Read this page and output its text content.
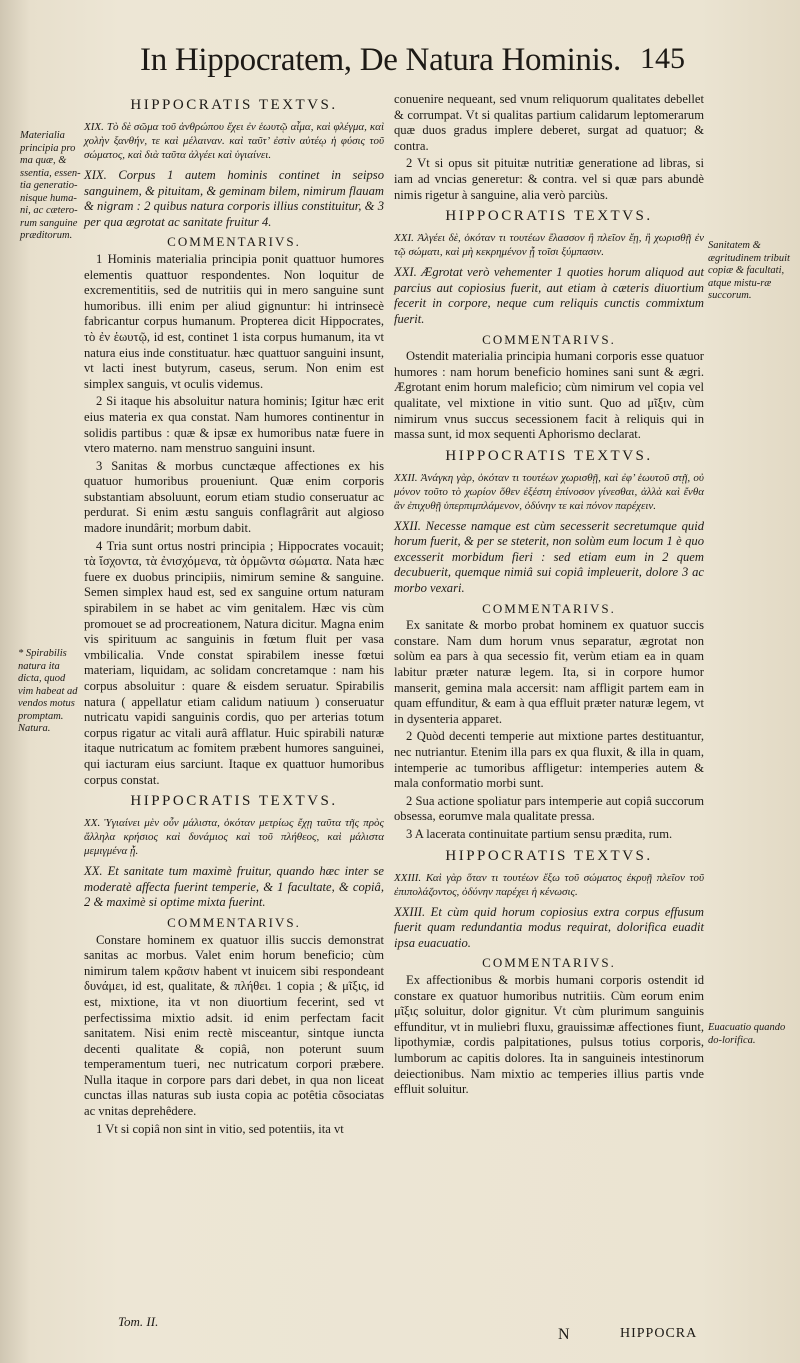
In Hippocratem, De Natura Hominis. 145
Materialia principia pro ma quæ, & ssentia, essen-tia generatio-nisque huma-ni, ac cætero-rum sanguine præditorum.
* Spirabilis natura ita dicta, quod vim habeat ad vendos motus promptam. Natura.
Sanitatem & ægritudinem tribuit copiæ & facultati, atque mistu-ræ succorum.
Euacuatio quando do-lorifica.
HIPPOCRATIS TEXTVS.
XIX. Τὸ δὲ σῶμα τοῦ ἀνθρώπου ἔχει ἐν ἑωυτῷ αἷμα, καὶ φλέγμα, καὶ χολὴν ξανθήν, τε καὶ μέλαιναν. καὶ ταῦτ’ ἐστὶν αὐτέῳ ἡ φύσις τοῦ σώματος, καὶ διὰ ταῦτα ἀλγέει καὶ ὑγιαίνει.
XIX. Corpus 1 autem hominis continet in seipso sanguinem, & pituitam, & geminam bilem, nimirum flauam & nigram : 2 quibus natura corporis illius constituitur, & 3 per qua ægrotat ac sanitate fruitur 4.
COMMENTARIVS.
1 Hominis materialia principia ponit quattuor humores elementis quattuor respondentes. Non loquitur de excrementitiis, sed de nutritiis qui in mero sanguine sunt humoribus. illi enim per aliud gignuntur: hi intrinsecè fabricantur corpus humanum. Propterea dicit Hippocrates, τὸ ἐν ἑωυτῷ, id est, continet 1 ista corpus humanum, ita vt natura eius inde constituatur. hæc quattuor sanguini insunt, vt lacti inest butyrum, caseus, serum. Non enim est simplex sanguis, vt oculis videmus.
2 Si itaque his absoluitur natura hominis; Igitur hæc erit eius materia ex qua constat. Nam humores continentur in solidis partibus : quæ & ipsæ ex humoribus natæ fuere in vtero materno. nam menstruo sanguini insunt.
3 Sanitas & morbus cunctæque affectiones ex his quatuor humoribus proueniunt. Quæ enim corporis substantiam absoluunt, eorum etiam studio conseruatur ac perdurat. Si enim æstu sanguis conflagrârit aut algioso madore inundârit; morbum dabit.
4 Tria sunt ortus nostri principia ; Hippocrates vocauit; τὰ ἴσχοντα, τὰ ἐνισχόμενα, τὰ ὁρμῶντα σώματα. Nata hæc fuere ex duobus principiis, nimirum semine & sanguine. Semen simplex haud est, sed ex sanguine ortum naturam spirabilem in se habet ac vim genitalem. Hæc vis cùm promouet se ad procreationem, Natura dicitur. Magna enim vis spirituum ac sanguinis in fœtum fluit per vasa vmbilicalia. Vnde constat spirabilem inesse fœtui materiam, liquidam, ac solidam concretamque : nam his corpus absoluitur : quare & eisdem seruatur. Spirabilis natura ( appellatur etiam calidum natiuum ) conseruatur nutricatu vapidi sanguinis cordis, quo per arterias totum corpus rigatur ac vitali aurâ afflatur. Huic spirabili naturæ itaque nutricatum ac fomitem præbent humores sanguinei, qui iacturam eius sarciunt. Itaque ex quattuor humoribus corpus constat.
HIPPOCRATIS TEXTVS.
XX. Ὑγιαίνει μὲν οὖν μάλιστα, ὁκόταν μετρίως ἔχῃ ταῦτα τῆς πρὸς ἄλληλα κρήσιος καὶ δυνάμιος καὶ τοῦ πλήθεος, καὶ μάλιστα μεμιγμένα ᾖ.
XX. Et sanitate tum maximè fruitur, quando hæc inter se moderatè affecta fuerint temperie, & 1 facultate, & copiâ, 2 & maximè si optime mixta fuerint.
COMMENTARIVS.
Constare hominem ex quatuor illis succis demonstrat sanitas ac morbus. Valet enim horum beneficio; cùm nimirum talem κρᾶσιν habent vt inuicem sibi respondeant δυνάμει, id est, qualitate, & πλήθει. 1 copia ; & μῖξις, id est, mixtione, ita vt non diuortium fecerint, sed vt perfectissima mixtio adsit. id enim perfectam facit sanitatem. Nisi enim rectè misceantur, sintque iuncta decenti qualitate & copiâ, non poterunt suum temperamentum tueri, nec nutricatum corpori præbere. Nulla itaque in corpore pars dari debet, in qua non liceat cunctas illas naturas sub iusta copia ac potêtia cõsociatas ac vnitas deprehêdere.
1 Vt si copiâ non sint in vitio, sed potentiis, ita vt
conuenire nequeant, sed vnum reliquorum qualitates debellet & corrumpat. Vt si qualitas partium calidarum leptomerarum quæ duos gradus implere deberet, surgat ad quatuor; & contra.
2 Vt si opus sit pituitæ nutritiæ generatione ad libras, si iam ad vncias generetur: & contra. vel si quæ pars abundè nimis rigetur à sanguine, alia verò parciùs.
HIPPOCRATIS TEXTVS.
XXI. Ἀλγέει δὲ, ὁκόταν τι τουτέων ἔλασσον ἢ πλεῖον ἔῃ, ἢ χωρισθῇ ἐν τῷ σώματι, καὶ μὴ κεκρημένον ᾖ τοῖσι ξύμπασιν.
XXI. Ægrotat verò vehementer 1 quoties horum aliquod aut parcius aut copiosius fuerit, aut etiam à cæteris diuortium fecerit in corpore, neque cum reliquis cunctis commixtum fuerit.
COMMENTARIVS.
Ostendit materialia principia humani corporis esse quatuor humores : nam horum beneficio homines sani sunt & ægri. Ægrotant enim horum maleficio; cùm nimirum vel copia vel qualitate, vel mixtione in vitio sunt. Quo ad μῖξιν, cùm nimirum vnus succus secessionem facit à reliquis qui in massa sunt, id mox sequenti Aphorismo declarat.
HIPPOCRATIS TEXTVS.
XXII. Ἀνάγκη γὰρ, ὁκόταν τι τουτέων χωρισθῇ, καὶ ἐφ’ ἑωυτοῦ στῇ, οὐ μόνον τοῦτο τὸ χωρίον ὅθεν ἐξέστη ἐπίνοσον γίνεσθαι, ἀλλὰ καὶ ἔνθα ἂν ἐπιχυθῇ ὑπερπιμπλάμενον, ὀδύνην τε καὶ πόνον παρέχειν.
XXII. Necesse namque est cùm secesserit secretumque quid horum fuerit, & per se steterit, non solùm eum locum 1 è quo excesserit morbidum fieri : sed etiam eum in 2 quem decubuerit, quemque nimiâ sui copiâ impleuerit, dolore 3 ac morbo vexari.
COMMENTARIVS.
Ex sanitate & morbo probat hominem ex quatuor succis constare. Nam dum horum vnus separatur, ægrotat non solùm ea pars à qua secessio fit, verùm etiam ea in quam labitur præter naturæ legem. Ita, si in corpore humor manserit, gemina mala accersit: nam affligit partem eam in quam effunditur, & eam à qua effluit præter naturæ legem, vt in dysenteria apparet.
2 Quòd decenti temperie aut mixtione partes destituantur, nec nutriantur. Etenim illa pars ex qua fluxit, & illa in quam, intemperie ac tumoribus affligetur: intemperies autem & mala conformatio morbi sunt.
2 Sua actione spoliatur pars intemperie aut copiâ succorum obsessa, eorumve mala qualitate pressa.
3 A lacerata continuitate partium sensu prædita, rum.
HIPPOCRATIS TEXTVS.
XXIII. Καὶ γὰρ ὅταν τι τουτέων ἔξω τοῦ σώματος ἐκρυῇ πλεῖον τοῦ ἐπιπολάζοντος, ὀδύνην παρέχει ἡ κένωσις.
XXIII. Et cùm quid horum copiosius extra corpus effusum fuerit quam redundantia modus requirat, dolorifica euadit ipsa euacuatio.
COMMENTARIVS.
Ex affectionibus & morbis humani corporis ostendit id constare ex quatuor humoribus nutritiis. Cùm eorum enim μῖξις soluitur, dolor gignitur. Vt cùm plurimum sanguinis effunditur, vt in muliebri fluxu, grauissimæ affectiones fiunt, lipothymiæ, cordis palpitationes, pulsus totius corporis, lumborum ac capitis dolores. Ita in sanguineis intestinorum deiectionibus. Nam mixtio ac temperies illius partis vnde effluit soluitur.
Tom. II.
N	HIPPOCRA
